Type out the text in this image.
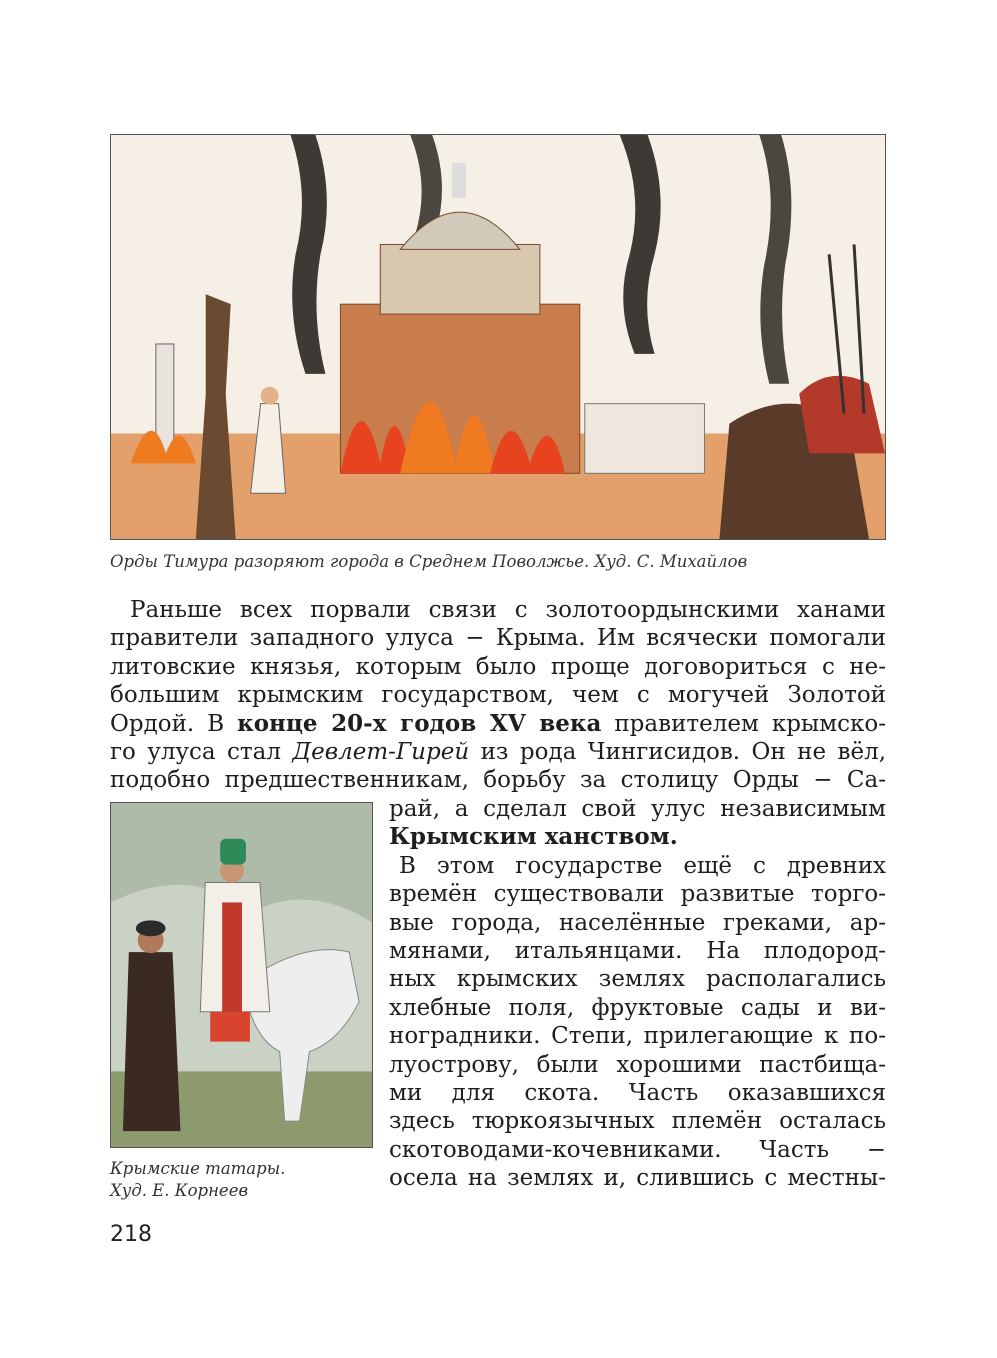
Орды Тимура разоряют города в Среднем Поволжье. Худ. С. Михайлов
Раньше всех порвали связи с золотоордынскими ханами
правители западного улуса − Крыма. Им всячески помогали
литовские князья, которым было проще договориться с не-
большим крымским государством, чем с могучей Золотой
Ордой. В конце 20-х годов XV века правителем крымско-
го улуса стал Девлет-Гирей из рода Чингисидов. Он не вёл,
подобно предшественникам, борьбу за столицу Орды − Са-
рай, а сделал свой улус независимым
Крымским ханством.
В этом государстве ещё с древних
времён существовали развитые торго-
вые города, населённые греками, ар-
мянами, итальянцами. На плодород-
ных крымских землях располагались
хлебные поля, фруктовые сады и ви-
ноградники. Степи, прилегающие к по-
луострову, были хорошими пастбища-
ми для скота. Часть оказавшихся
здесь тюркоязычных племён осталась
скотоводами-кочевниками. Часть −
осела на землях и, слившись с местны-
Крымские татары.
Худ. Е. Корнеев
218
